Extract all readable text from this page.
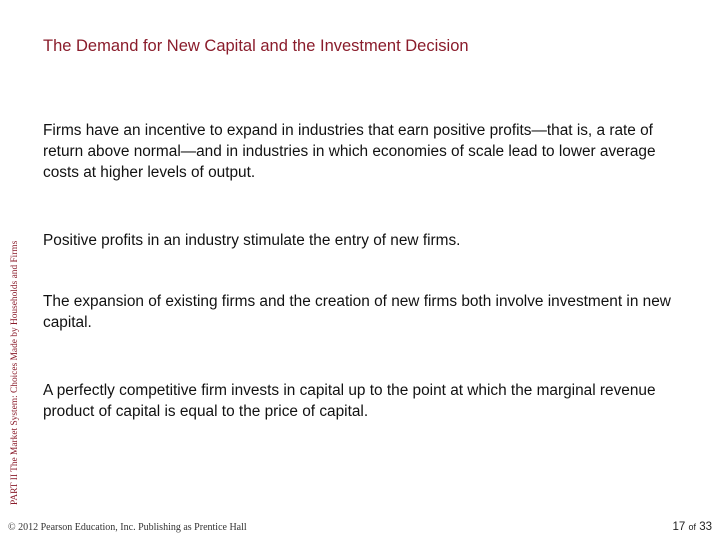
The Demand for New Capital and the Investment Decision
PART II The Market System: Choices Made by Households and Firms
Firms have an incentive to expand in industries that earn positive profits—that is, a rate of return above normal—and in industries in which economies of scale lead to lower average costs at higher levels of output.
Positive profits in an industry stimulate the entry of new firms.
The expansion of existing firms and the creation of new firms both involve investment in new capital.
A perfectly competitive firm invests in capital up to the point at which the marginal revenue product of capital is equal to the price of capital.
© 2012 Pearson Education, Inc. Publishing as Prentice Hall	17 of 33
